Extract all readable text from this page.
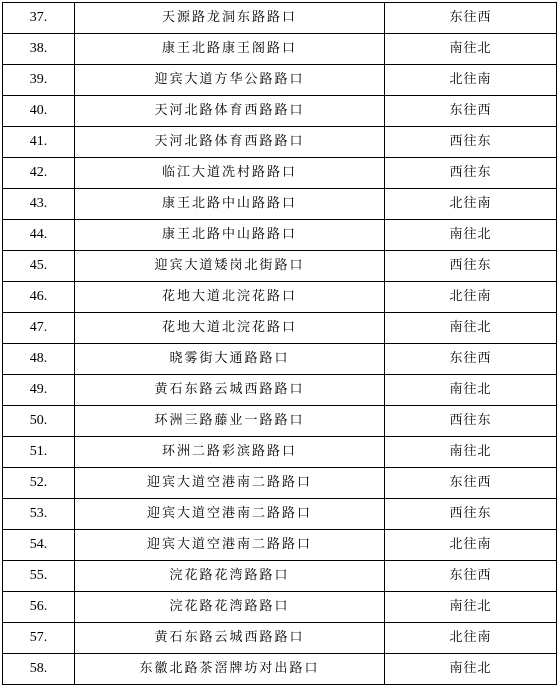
37.	天源路龙洞东路路口	东往西
38.	康王北路康王阁路口	南往北
39.	迎宾大道方华公路路口	北往南
40.	天河北路体育西路路口	东往西
41.	天河北路体育西路路口	西往东
42.	临江大道冼村路路口	西往东
43.	康王北路中山路路口	北往南
44.	康王北路中山路路口	南往北
45.	迎宾大道矮岗北街路口	西往东
46.	花地大道北浣花路口	北往南
47.	花地大道北浣花路口	南往北
48.	晓雾街大通路路口	东往西
49.	黄石东路云城西路路口	南往北
50.	环洲三路藤业一路路口	西往东
51.	环洲二路彩滨路路口	南往北
52.	迎宾大道空港南二路路口	东往西
53.	迎宾大道空港南二路路口	西往东
54.	迎宾大道空港南二路路口	北往南
55.	浣花路花湾路路口	东往西
56.	浣花路花湾路路口	南往北
57.	黄石东路云城西路路口	北往南
58.	东徽北路茶滘牌坊对出路口	南往北
